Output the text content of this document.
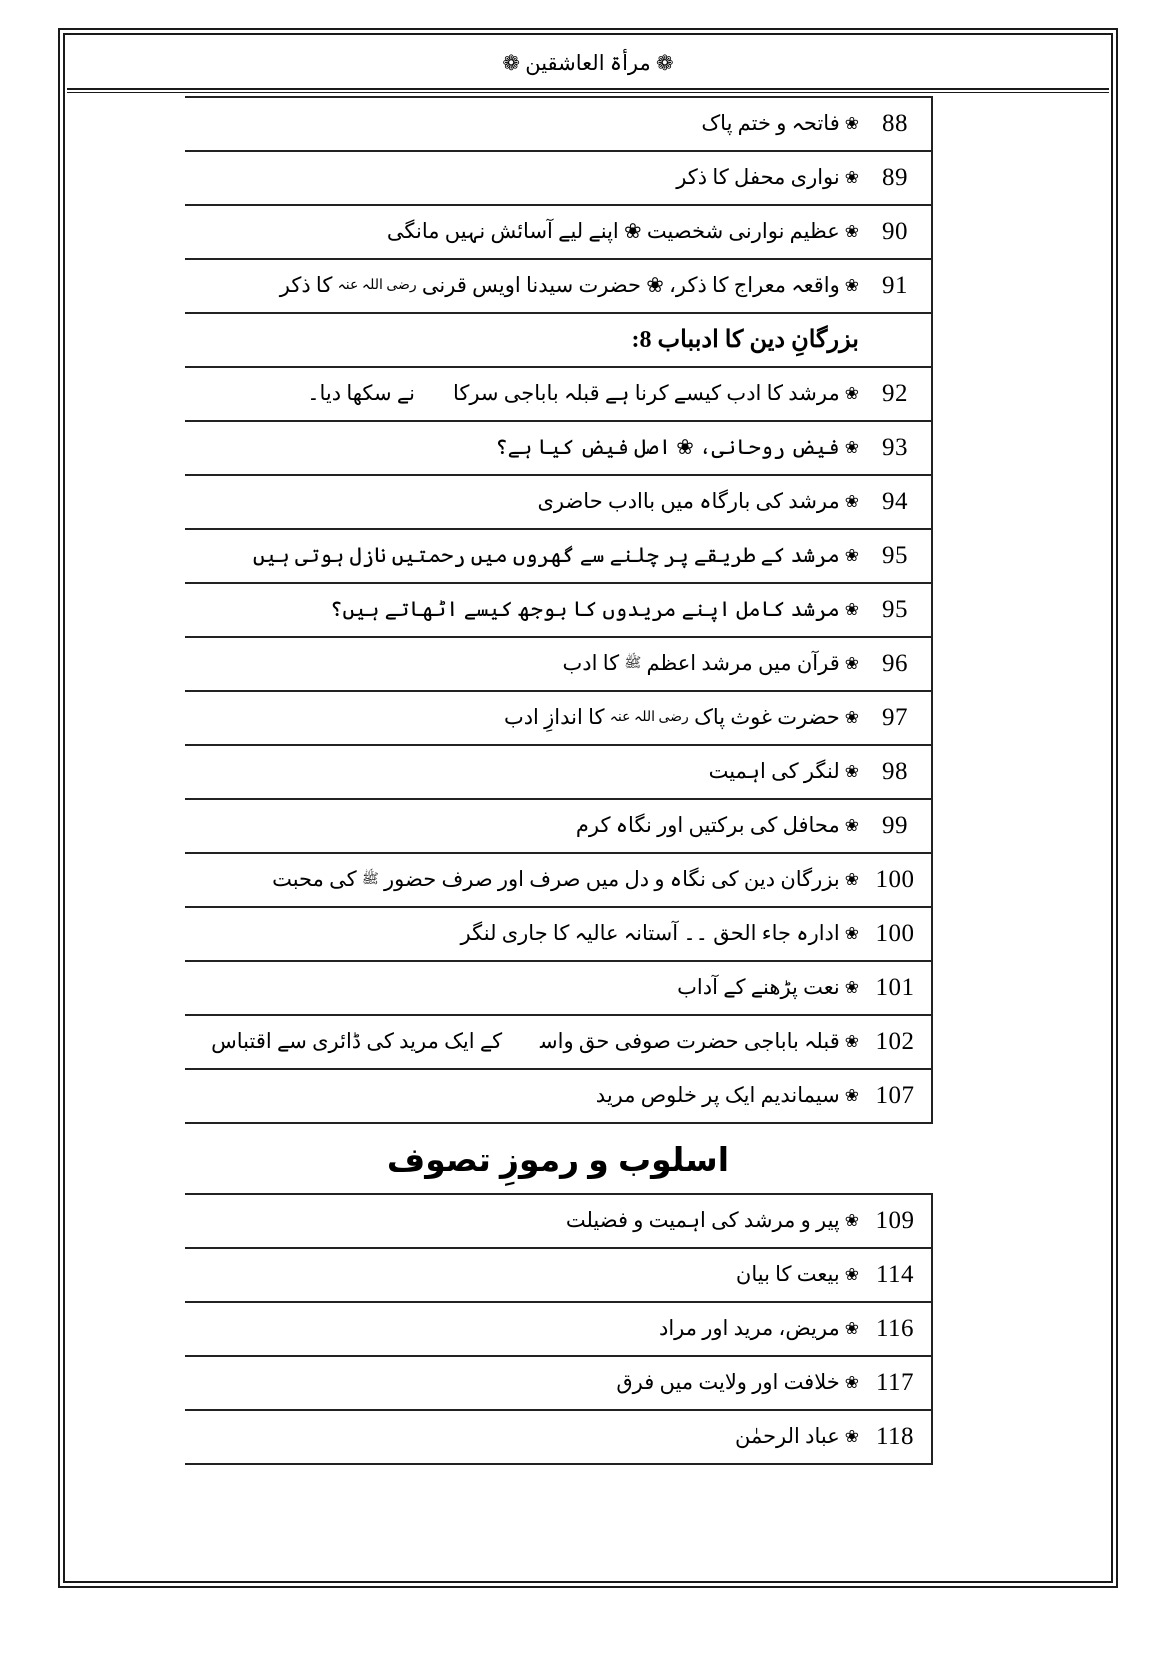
❁ مرأۃ العاشقین ❁
❀فاتحہ و ختم پاک	88
❀نواری محفل کا ذکر	89
❀عظیم نوارنی شخصیت ❀ اپنے لیے آسائش نہیں مانگی	90
❀واقعہ معراج کا ذکر، ❀ حضرت سیدنا اویس قرنی رضی اللہ عنہ کا ذکر	91
بزرگانِ دین کا ادبباب 8:	
❀مرشد کا ادب کیسے کرنا ہے قبلہ باباجی سرکارؒ نے سکھا دیا۔	92
❀فیض روحانی، ❀ اصل فیض کیا ہے؟	93
❀مرشد کی بارگاہ میں باادب حاضری	94
❀مرشد کے طریقے پر چلنے سے گھروں میں رحمتیں نازل ہوتی ہیں	95
❀مرشد کامل اپنے مریدوں کا بوجھ کیسے اٹھاتے ہیں؟	95
❀قرآن میں مرشد اعظم ﷺ کا ادب	96
❀حضرت غوث پاک رضی اللہ عنہ کا اندازِ ادب	97
❀لنگر کی اہمیت	98
❀محافل کی برکتیں اور نگاہ کرم	99
❀بزرگان دین کی نگاہ و دل میں صرف اور صرف حضور ﷺ کی محبت	100
❀ادارہ جاء الحق ۔۔ آستانہ عالیہ کا جاری لنگر	100
❀نعت پڑھنے کے آداب	101
❀قبلہ باباجی حضرت صوفی حق واسعؒ کے ایک مرید کی ڈائری سے اقتباس	102
❀سیماندیم ایک پر خلوص مرید	107
اسلوب و رموزِ تصوف
❀پیر و مرشد کی اہمیت و فضیلت	109
❀بیعت کا بیان	114
❀مریض، مرید اور مراد	116
❀خلافت اور ولایت میں فرق	117
❀عباد الرحمٰن	118
